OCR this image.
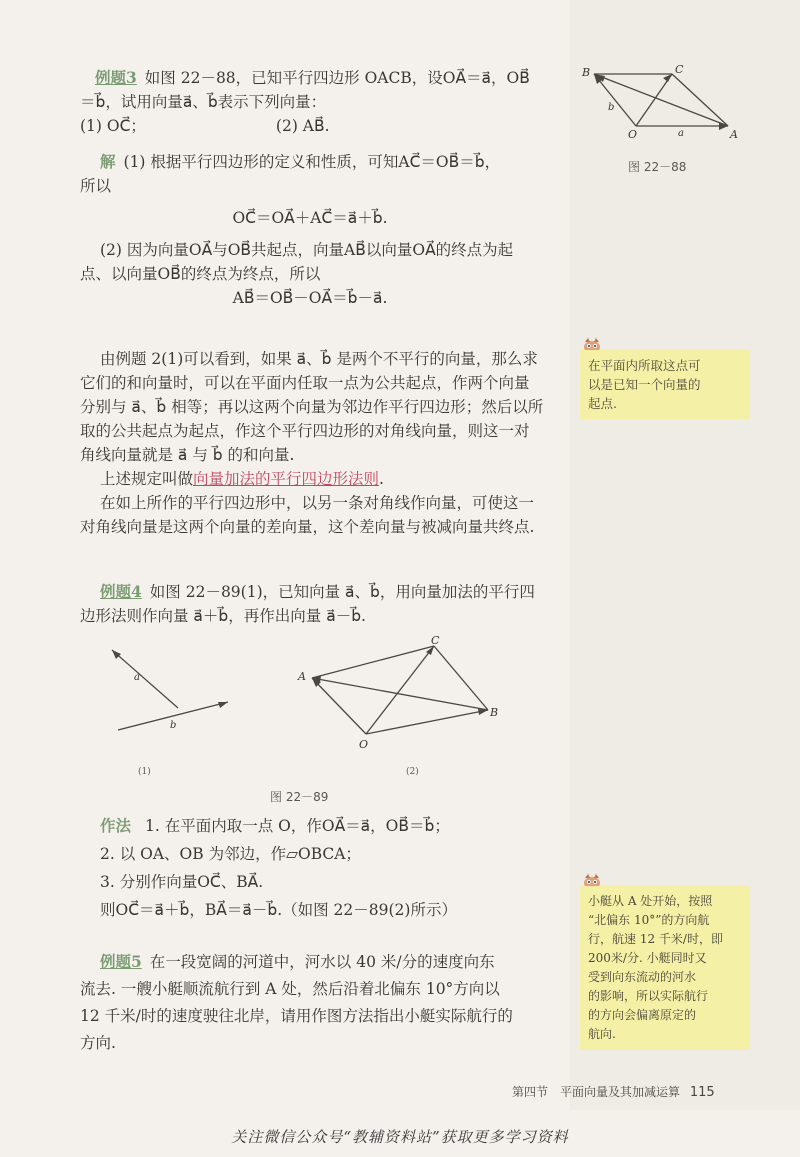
例题3 如图 22－88，已知平行四边形 OACB，设OA⃗＝a⃗，OB⃗
＝b⃗，试用向量a⃗、b⃗表示下列向量：
(1) OC⃗；	(2) AB⃗.
解 (1) 根据平行四边形的定义和性质，可知AC⃗＝OB⃗＝b⃗，
所以
OC⃗＝OA⃗＋AC⃗＝a⃗＋b⃗.
(2) 因为向量OA⃗与OB⃗共起点，向量AB⃗以向量OA⃗的终点为起
点、以向量OB⃗的终点为终点，所以
AB⃗＝OB⃗－OA⃗＝b⃗－a⃗.
B	C
O	A
a
b
图 22－88
由例题 2(1)可以看到，如果 a⃗、b⃗ 是两个不平行的向量，那么求
它们的和向量时，可以在平面内任取一点为公共起点，作两个向量
分别与 a⃗、b⃗ 相等；再以这两个向量为邻边作平行四边形；然后以所
取的公共起点为起点，作这个平行四边形的对角线向量，则这一对
角线向量就是 a⃗ 与 b⃗ 的和向量.
上述规定叫做向量加法的平行四边形法则.
在如上所作的平行四边形中，以另一条对角线作向量，可使这一
对角线向量是这两个向量的差向量，这个差向量与被减向量共终点.
在平面内所取这点可
以是已知一个向量的
起点.
例题4 如图 22－89(1)，已知向量 a⃗、b⃗，用向量加法的平行四
边形法则作向量 a⃗＋b⃗，再作出向量 a⃗－b⃗.
a
b
A
B
C
O
(1)	(2)
图 22－89
作法 1. 在平面内取一点 O，作OA⃗＝a⃗，OB⃗＝b⃗；
2. 以 OA、OB 为邻边，作▱OBCA；
3. 分别作向量OC⃗、BA⃗.
则OC⃗＝a⃗＋b⃗，BA⃗＝a⃗－b⃗.（如图 22－89(2)所示）	小艇从 A 处开始，按照
“北偏东 10°”的方向航
行，航速 12 千米/时，即
200米/分. 小艇同时又
受到向东流动的河水
的影响，所以实际航行
的方向会偏离原定的
航向.
例题5 在一段宽阔的河道中，河水以 40 米/分的速度向东
流去. 一艘小艇顺流航行到 A 处，然后沿着北偏东 10°方向以
12 千米/时的速度驶往北岸，请用作图方法指出小艇实际航行的
方向.
第四节　平面向量及其加减运算 115
关注微信公众号“教辅资料站”获取更多学习资料
